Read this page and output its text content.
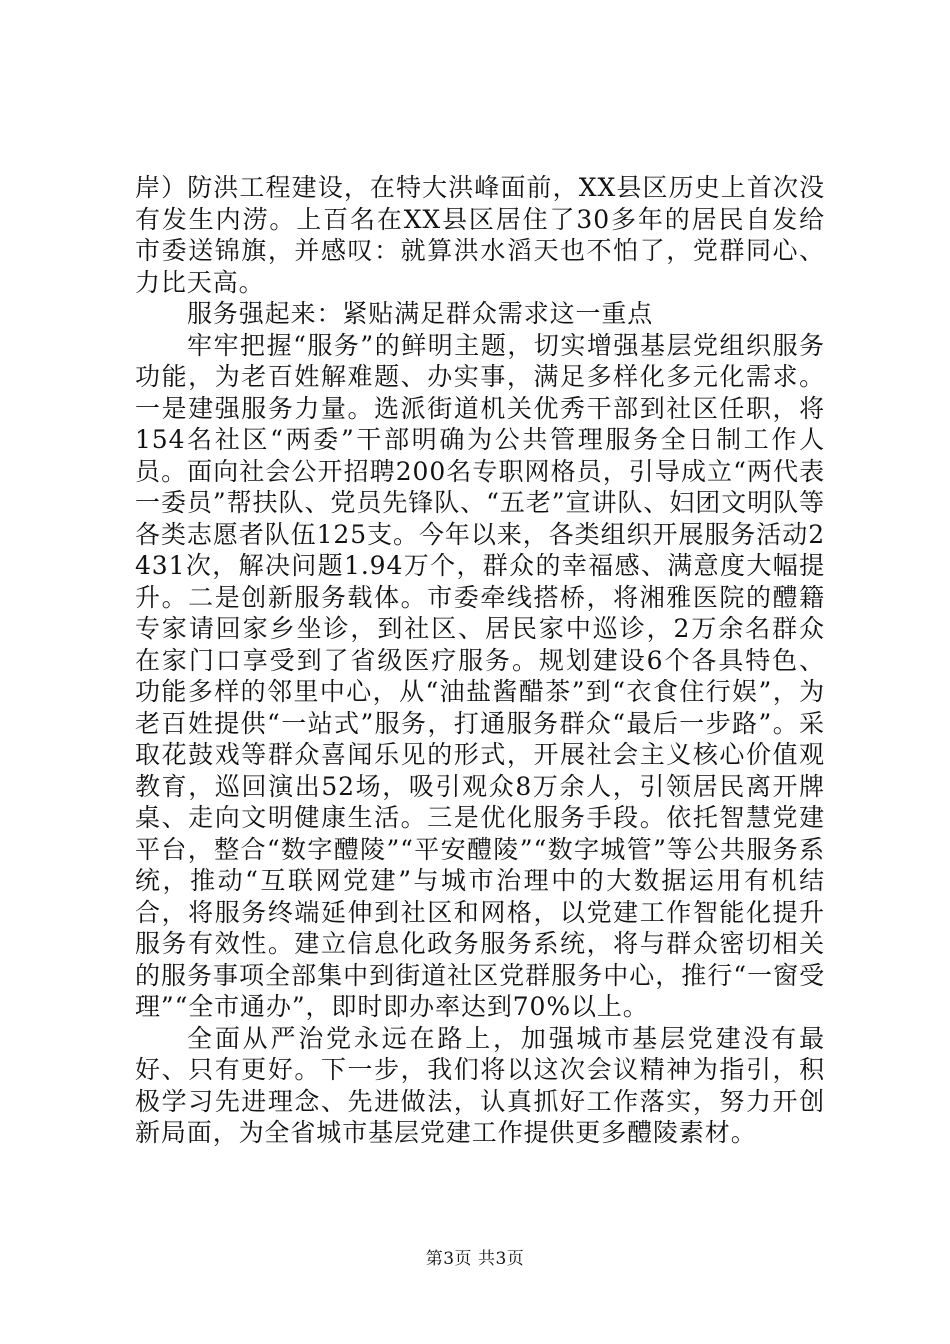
岸）防洪工程建设，在特大洪峰面前，XX县区历史上首次没有发生内涝。上百名在XX县区居住了30多年的居民自发给市委送锦旗，并感叹：就算洪水滔天也不怕了，党群同心、力比天高。

服务强起来：紧贴满足群众需求这一重点

牢牢把握“服务”的鲜明主题，切实增强基层党组织服务功能，为老百姓解难题、办实事，满足多样化多元化需求。一是建强服务力量。选派街道机关优秀干部到社区任职，将154名社区“两委”干部明确为公共管理服务全日制工作人员。面向社会公开招聘200名专职网格员，引导成立“两代表一委员”帮扶队、党员先锋队、“五老”宣讲队、妇团文明队等各类志愿者队伍125支。今年以来，各类组织开展服务活动2431次，解决问题1.94万个，群众的幸福感、满意度大幅提升。二是创新服务载体。市委牵线搭桥，将湘雅医院的醴籍专家请回家乡坐诊，到社区、居民家中巡诊，2万余名群众在家门口享受到了省级医疗服务。规划建设6个各具特色、功能多样的邻里中心，从“油盐酱醋茶”到“衣食住行娱”，为老百姓提供“一站式”服务，打通服务群众“最后一步路”。采取花鼓戏等群众喜闻乐见的形式，开展社会主义核心价值观教育，巡回演出52场，吸引观众8万余人，引领居民离开牌桌、走向文明健康生活。三是优化服务手段。依托智慧党建平台，整合“数字醴陵”“平安醴陵”“数字城管”等公共服务系统，推动“互联网党建”与城市治理中的大数据运用有机结合，将服务终端延伸到社区和网格，以党建工作智能化提升服务有效性。建立信息化政务服务系统，将与群众密切相关的服务事项全部集中到街道社区党群服务中心，推行“一窗受理”“全市通办”，即时即办率达到70%以上。

全面从严治党永远在路上，加强城市基层党建没有最好、只有更好。下一步，我们将以这次会议精神为指引，积极学习先进理念、先进做法，认真抓好工作落实，努力开创新局面，为全省城市基层党建工作提供更多醴陵素材。

第3页 共3页
